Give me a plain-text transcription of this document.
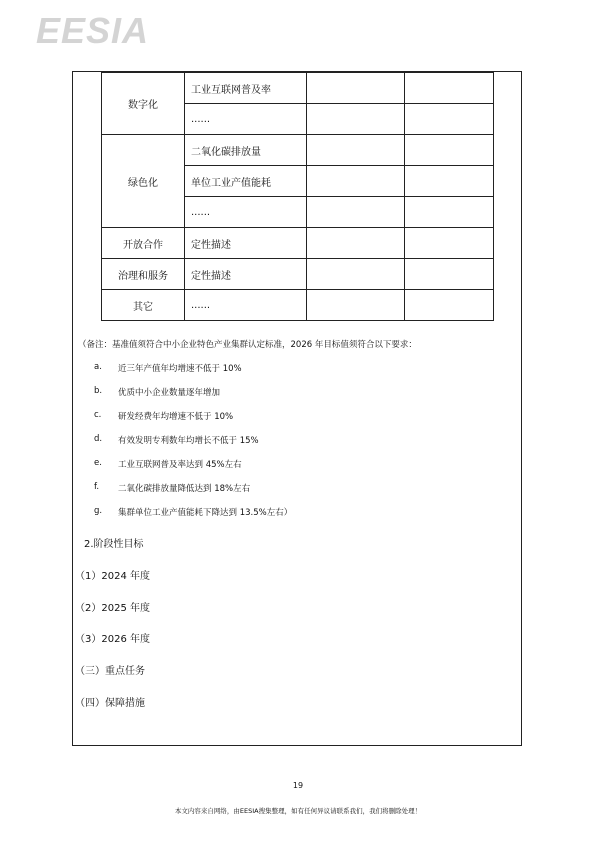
EESIA
数字化	工业互联网普及率		
	......		
绿色化	二氧化碳排放量		
	单位工业产值能耗		
	......		
开放合作	定性描述		
治理和服务	定性描述		
其它	......		
（备注：基准值须符合中小企业特色产业集群认定标准，2026 年目标值须符合以下要求：
a.	近三年产值年均增速不低于 10%
b.	优质中小企业数量逐年增加
c.	研发经费年均增速不低于 10%
d.	有效发明专利数年均增长不低于 15%
e.	工业互联网普及率达到 45%左右
f.	二氧化碳排放量降低达到 18%左右
g.	集群单位工业产值能耗下降达到 13.5%左右）
2.阶段性目标
（1）2024 年度
（2）2025 年度
（3）2026 年度
（三）重点任务
（四）保障措施
19
本文内容来自网络，由EESIA搜集整理，如有任何异议请联系我们，我们将删除处理！
